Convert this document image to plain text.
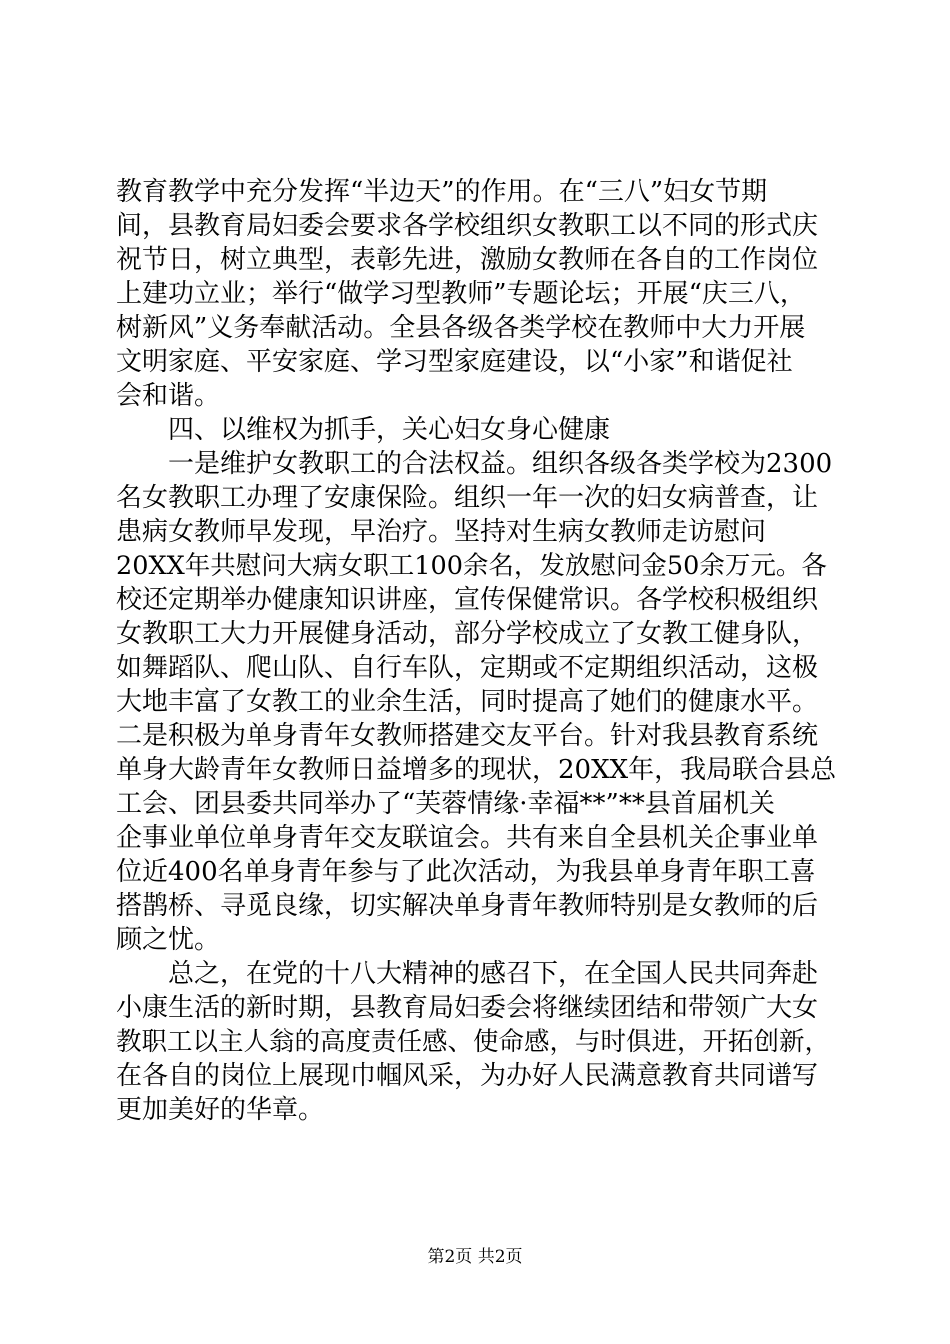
教育教学中充分发挥“半边天”的作用。在“三八”妇女节期
间，县教育局妇委会要求各学校组织女教职工以不同的形式庆
祝节日，树立典型，表彰先进，激励女教师在各自的工作岗位
上建功立业；举行“做学习型教师”专题论坛；开展“庆三八，
树新风”义务奉献活动。全县各级各类学校在教师中大力开展
文明家庭、平安家庭、学习型家庭建设，以“小家”和谐促社
会和谐。
　　四、以维权为抓手，关心妇女身心健康
　　一是维护女教职工的合法权益。组织各级各类学校为2300
名女教职工办理了安康保险。组织一年一次的妇女病普查，让
患病女教师早发现，早治疗。坚持对生病女教师走访慰问
20XX年共慰问大病女职工100余名，发放慰问金50余万元。各
校还定期举办健康知识讲座，宣传保健常识。各学校积极组织
女教职工大力开展健身活动，部分学校成立了女教工健身队，
如舞蹈队、爬山队、自行车队，定期或不定期组织活动，这极
大地丰富了女教工的业余生活，同时提高了她们的健康水平。
二是积极为单身青年女教师搭建交友平台。针对我县教育系统
单身大龄青年女教师日益增多的现状，20XX年，我局联合县总
工会、团县委共同举办了“芙蓉情缘·幸福**”**县首届机关
企事业单位单身青年交友联谊会。共有来自全县机关企事业单
位近400名单身青年参与了此次活动，为我县单身青年职工喜
搭鹊桥、寻觅良缘，切实解决单身青年教师特别是女教师的后
顾之忧。
　　总之，在党的十八大精神的感召下，在全国人民共同奔赴
小康生活的新时期，县教育局妇委会将继续团结和带领广大女
教职工以主人翁的高度责任感、使命感，与时俱进，开拓创新，
在各自的岗位上展现巾帼风采，为办好人民满意教育共同谱写
更加美好的华章。
第2页 共2页
